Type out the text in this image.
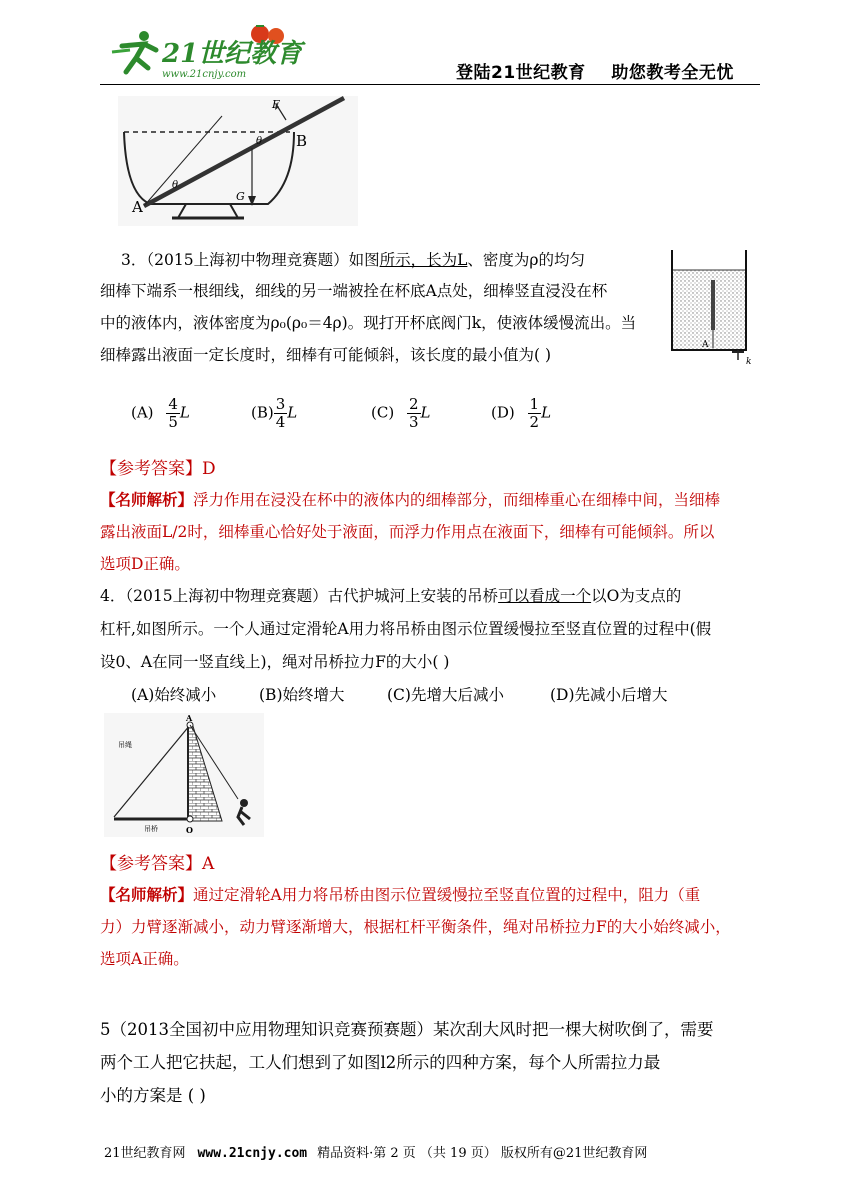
21世纪教育
www.21cnjy.com	登陆21世纪教育    助您教考全无忧
A
B
F
G
θ
θ
3．（2015上海初中物理竞赛题）如图所示，长为L、密度为ρ的均匀
细棒下端系一根细线，细线的另一端被拴在杯底A点处，细棒竖直浸没在杯
中的液体内，液体密度为ρ₀(ρ₀＝4ρ)。现打开杯底阀门k，使液体缓慢流出。当
细棒露出液面一定长度时，细棒有可能倾斜，该长度的最小值为( )
A
k
$(A) \frac{4}{5}$ L	$(B) \frac{3}{4}$ L	$(C) \frac{2}{3}$ L	$(D) \frac{1}{2}$ L
【参考答案】D
【名师解析】浮力作用在浸没在杯中的液体内的细棒部分，而细棒重心在细棒中间，当细棒
露出液面L/2时，细棒重心恰好处于液面，而浮力作用点在液面下，细棒有可能倾斜。所以
选项D正确。
4．（2015上海初中物理竞赛题）古代护城河上安装的吊桥可以看成一个以O为支点的
杠杆,如图所示。一个人通过定滑轮A用力将吊桥由图示位置缓慢拉至竖直位置的过程中(假
设0、A在同一竖直线上)，绳对吊桥拉力F的大小( )
(A)始终减小	(B)始终增大	(C)先增大后减小	(D)先减小后增大
A
O
吊绳
吊桥
【参考答案】A
【名师解析】通过定滑轮A用力将吊桥由图示位置缓慢拉至竖直位置的过程中，阻力（重
力）力臂逐渐减小，动力臂逐渐增大，根据杠杆平衡条件，绳对吊桥拉力F的大小始终减小，
选项A正确。
5（2013全国初中应用物理知识竞赛预赛题）某次刮大风时把一棵大树吹倒了，需要
两个工人把它扶起，工人们想到了如图l2所示的四种方案，每个人所需拉力最
小的方案是 ( )
21世纪教育网 www.21cnjy.com 精品资料·第 2 页 （共 19 页） 版权所有@21世纪教育网
